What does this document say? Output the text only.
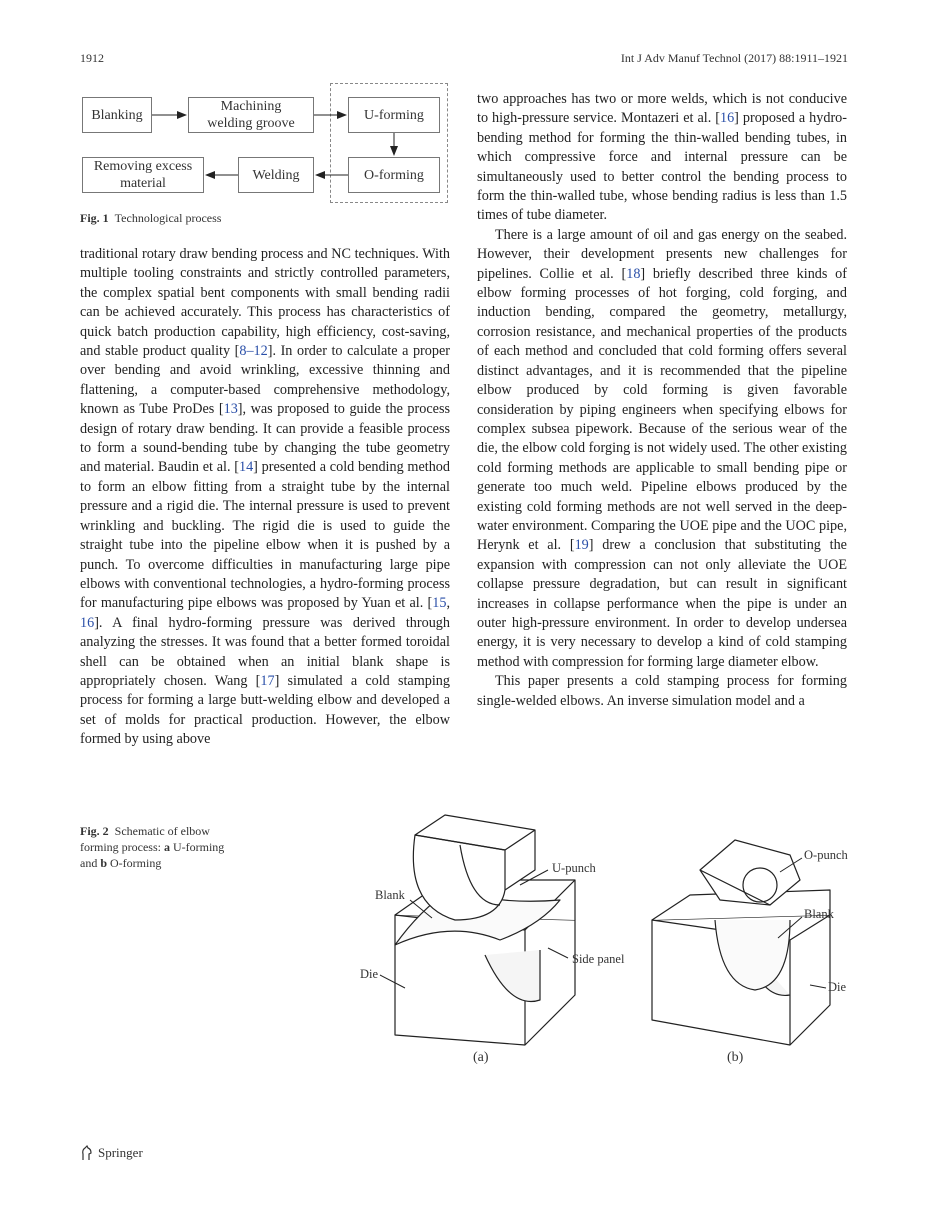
1912	Int J Adv Manuf Technol (2017) 88:1911–1921
Blanking
Machining
welding groove
U-forming
O-forming
Welding
Removing excess
material
Fig. 1 Technological process

traditional rotary draw bending process and NC techniques. With multiple tooling constraints and strictly controlled parameters, the complex spatial bent components with small bending radii can be achieved accurately. This process has characteristics of quick batch production capability, high efficiency, cost-saving, and stable product quality [8–12]. In order to calculate a proper over bending and avoid wrinkling, excessive thinning and flattening, a computer-based comprehensive methodology, known as Tube ProDes [13], was proposed to guide the process design of rotary draw bending. It can provide a feasible process to form a sound-bending tube by changing the tube geometry and material. Baudin et al. [14] presented a cold bending method to form an elbow fitting from a straight tube by the internal pressure and a rigid die. The internal pressure is used to prevent wrinkling and buckling. The rigid die is used to guide the straight tube into the pipeline elbow when it is pushed by a punch. To overcome difficulties in manufacturing large pipe elbows with conventional technologies, a hydro-forming process for manufacturing pipe elbows was proposed by Yuan et al. [15, 16]. A final hydro-forming pressure was derived through analyzing the stresses. It was found that a better formed toroidal shell can be obtained when an initial blank shape is appropriately chosen. Wang [17] simulated a cold stamping process for forming a large butt-welding elbow and developed a set of molds for practical production. However, the elbow formed by using above

two approaches has two or more welds, which is not conducive to high-pressure service. Montazeri et al. [16] proposed a hydro-bending method for forming the thin-walled bending tubes, in which compressive force and internal pressure can be simultaneously used to better control the bending process to form the thin-walled tube, whose bending radius is less than 1.5 times of tube diameter.

There is a large amount of oil and gas energy on the seabed. However, their development presents new challenges for pipelines. Collie et al. [18] briefly described three kinds of elbow forming processes of hot forging, cold forging, and induction bending, compared the geometry, metallurgy, corrosion resistance, and mechanical properties of the products of each method and concluded that cold forming offers several distinct advantages, and it is recommended that the pipeline elbow produced by cold forming is given favorable consideration by piping engineers when specifying elbows for complex subsea pipework. Because of the serious wear of the die, the elbow cold forging is not widely used. The other existing cold forming methods are applicable to small bending pipe or generate too much weld. Pipeline elbows produced by the existing cold forming methods are not well served in the deep-water environment. Comparing the UOE pipe and the UOC pipe, Herynk et al. [19] drew a conclusion that substituting the expansion with compression can not only alleviate the UOE collapse pressure degradation, but can result in significant increases in collapse performance when the pipe is under an outer high-pressure environment. In order to develop undersea energy, it is very necessary to develop a kind of cold stamping method with compression for forming large diameter elbow.

This paper presents a cold stamping process for forming single-welded elbows. An inverse simulation model and a

Fig. 2 Schematic of elbow forming process: a U-forming and b O-forming	U-punch
Blank
Side panel
Die
O-punch
Blank
Die
(a)	(b)
Springer
